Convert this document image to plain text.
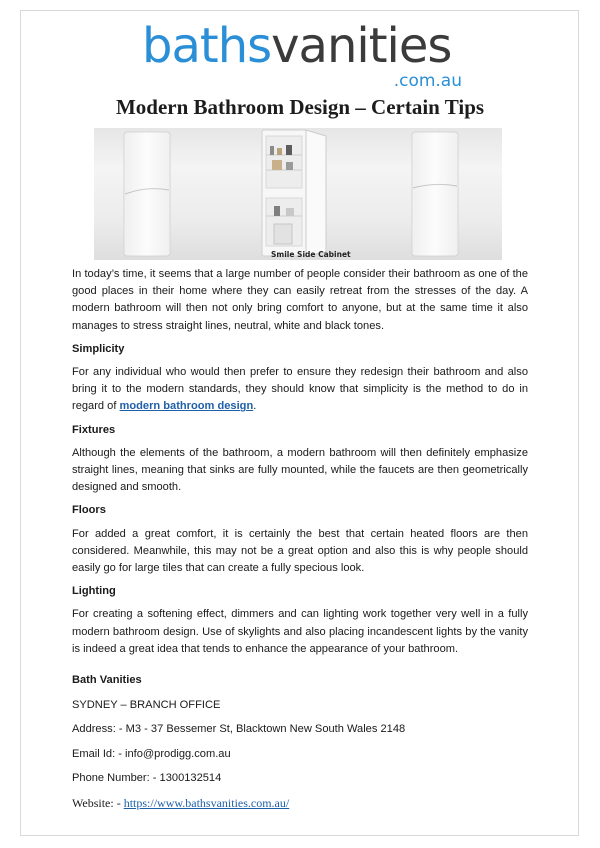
bathsvanities
.com.au
Modern Bathroom Design – Certain Tips
Smile Side Cabinet

In today’s time, it seems that a large number of people consider their bathroom as one of the good places in their home where they can easily retreat from the stresses of the day. A modern bathroom will then not only bring comfort to anyone, but at the same time it also manages to stress straight lines, neutral, white and black tones.

Simplicity

For any individual who would then prefer to ensure they redesign their bathroom and also bring it to the modern standards, they should know that simplicity is the method to do in regard of modern bathroom design.

Fixtures

Although the elements of the bathroom, a modern bathroom will then definitely emphasize straight lines, meaning that sinks are fully mounted, while the faucets are then geometrically designed and smooth.

Floors

For added a great comfort, it is certainly the best that certain heated floors are then considered. Meanwhile, this may not be a great option and also this is why people should easily go for large tiles that can create a fully specious look.

Lighting

For creating a softening effect, dimmers and can lighting work together very well in a fully modern bathroom design. Use of skylights and also placing incandescent lights by the vanity is indeed a great idea that tends to enhance the appearance of your bathroom.

Bath Vanities
SYDNEY – BRANCH OFFICE
Address: - M3 - 37 Bessemer St, Blacktown New South Wales 2148
Email Id: - info@prodigg.com.au
Phone Number: - 1300132514
Website: - https://www.bathsvanities.com.au/
